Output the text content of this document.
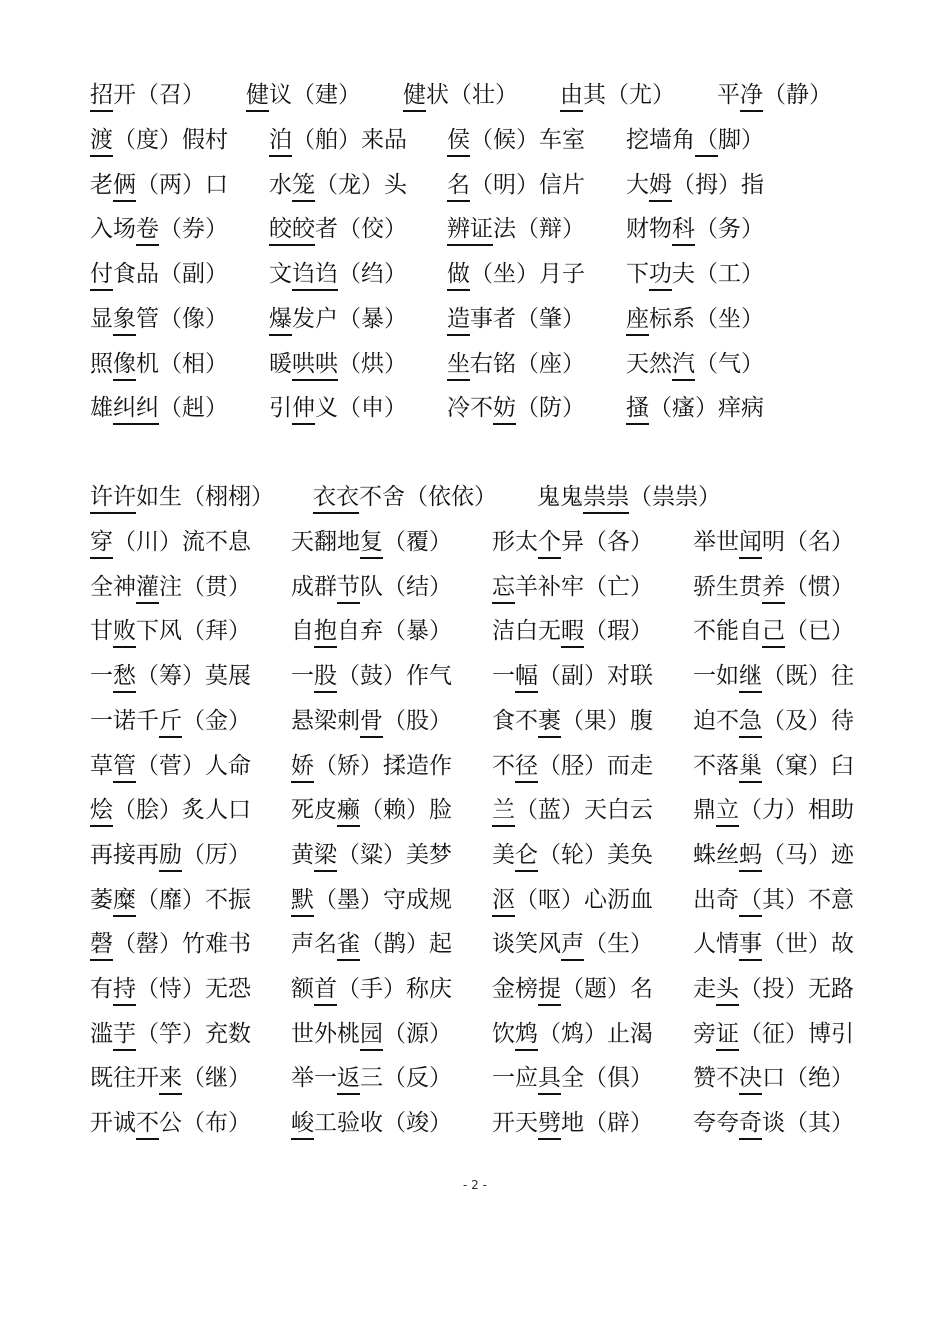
招开（召） 健议（建） 健状（壮） 由其（尤） 平净（静）
渡（度）假村 泊（舶）来品 侯（候）车室 挖墙角（脚）
老俩（两）口 水笼（龙）头 名（明）信片 大姆（拇）指
入场卷（券） 皎皎者（佼） 辨证法（辩） 财物科（务）
付食品（副） 文诌诌（绉） 做（坐）月子 下功夫（工）
显象管（像） 爆发户（暴） 造事者（肇） 座标系（坐）
照像机（相） 暖哄哄（烘） 坐右铭（座） 天然汽（气）
雄纠纠（赳） 引伸义（申） 冷不妨（防） 搔（瘙）痒病
许许如生（栩栩） 衣衣不舍（依依） 鬼鬼祟祟（祟祟）
穿（川）流不息 天翻地复（覆） 形太个异（各） 举世闻明（名）
全神灌注（贯） 成群节队（结） 忘羊补牢（亡） 骄生贯养（惯）
甘败下风（拜） 自抱自弃（暴） 洁白无暇（瑕） 不能自己（已）
一愁（筹）莫展 一股（鼓）作气 一幅（副）对联 一如继（既）往
一诺千斤（金） 悬梁刺骨（股） 食不裹（果）腹 迫不急（及）待
草管（菅）人命 娇（矫）揉造作 不径（胫）而走 不落巢（窠）臼
烩（脍）炙人口 死皮癞（赖）脸 兰（蓝）天白云 鼎立（力）相助
再接再励（厉） 黄梁（粱）美梦 美仑（轮）美奂 蛛丝蚂（马）迹
萎糜（靡）不振 默（墨）守成规 沤（呕）心沥血 出奇（其）不意
磬（罄）竹难书 声名雀（鹊）起 谈笑风声（生） 人情事（世）故
有持（恃）无恐 额首（手）称庆 金榜提（题）名 走头（投）无路
滥芋（竽）充数 世外桃园（源） 饮鸩（鸩）止渴 旁证（征）博引
既往开来（继） 举一返三（反） 一应具全（俱） 赞不决口（绝）
开诚不公（布） 峻工验收（竣） 开天劈地（辟） 夸夸奇谈（其）
- 2 -
